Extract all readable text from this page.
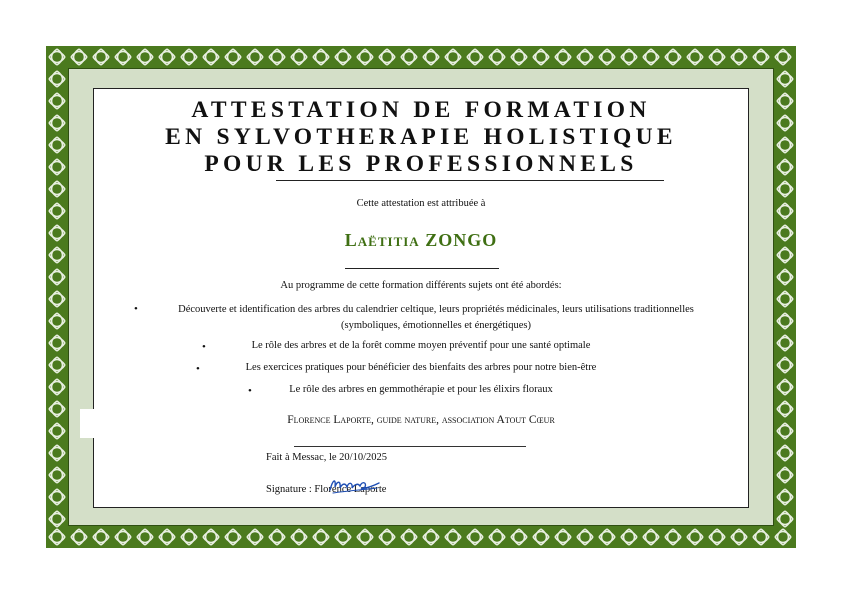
ATTESTATION DE FORMATION
EN SYLVOTHERAPIE HOLISTIQUE
POUR LES PROFESSIONNELS
Cette attestation est attribuée à
Laëtitia ZONGO
Au programme de cette formation différents sujets ont été abordés:
•	Découverte et identification des arbres du calendrier celtique, leurs propriétés médicinales, leurs utilisations traditionnelles (symboliques, émotionnelles et énergétiques)
•	Le rôle des arbres et de la forêt comme moyen préventif pour une santé optimale
•	Les exercices pratiques pour bénéficier des bienfaits des arbres pour notre bien-être
•	Le rôle des arbres en gemmothérapie et pour les élixirs floraux
Florence Laporte, guide nature, association Atout Cœur
Fait à Messac, le 20/10/2025
Signature : Florence Laporte
